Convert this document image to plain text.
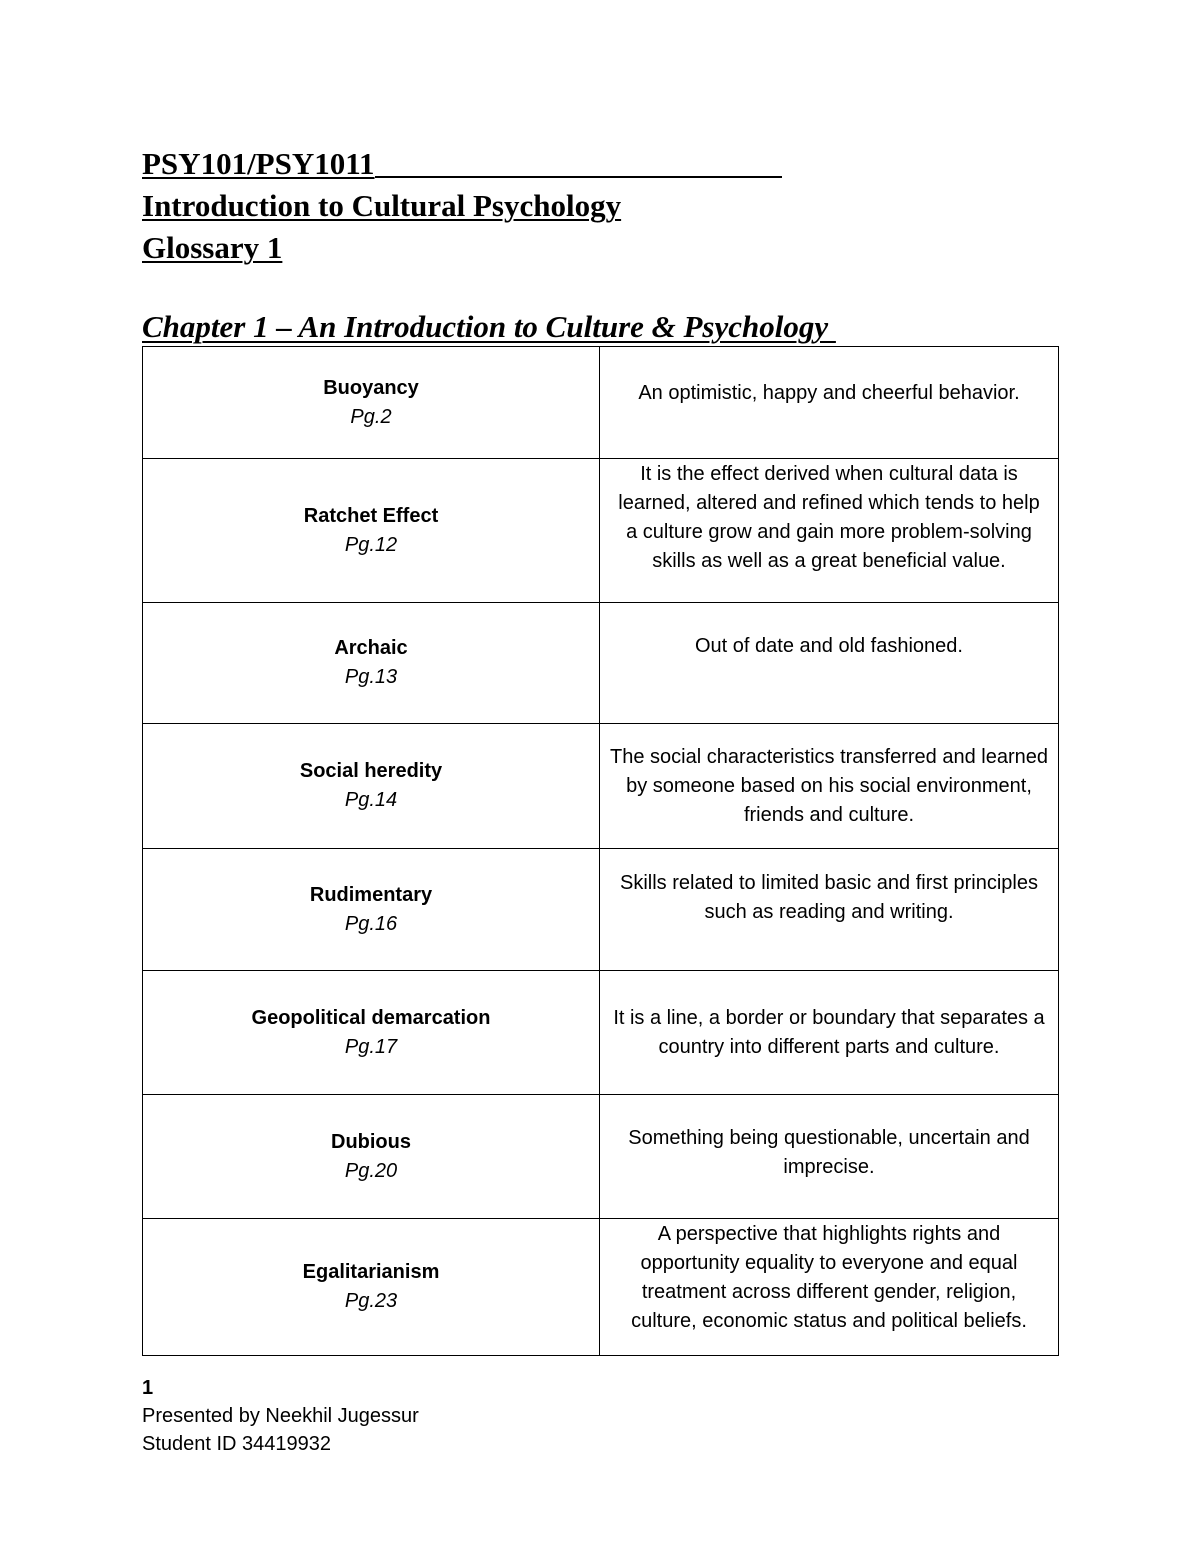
PSY101/PSY1011
Introduction to Cultural Psychology
Glossary 1
Chapter 1 – An Introduction to Culture & Psychology
Buoyancy
Pg.2	An optimistic, happy and cheerful behavior.

Ratchet Effect
Pg.12	It is the effect derived when cultural data is learned, altered and refined which tends to help a culture grow and gain more problem-solving skills as well as a great beneficial value.

Archaic
Pg.13	Out of date and old fashioned.

Social heredity
Pg.14	The social characteristics transferred and learned by someone based on his social environment, friends and culture.

Rudimentary
Pg.16	Skills related to limited basic and first principles such as reading and writing.

Geopolitical demarcation
Pg.17	It is a line, a border or boundary that separates a country into different parts and culture.

Dubious
Pg.20	Something being questionable, uncertain and imprecise.

Egalitarianism
Pg.23	A perspective that highlights rights and opportunity equality to everyone and equal treatment across different gender, religion, culture, economic status and political beliefs.
1
Presented by Neekhil Jugessur
Student ID 34419932
